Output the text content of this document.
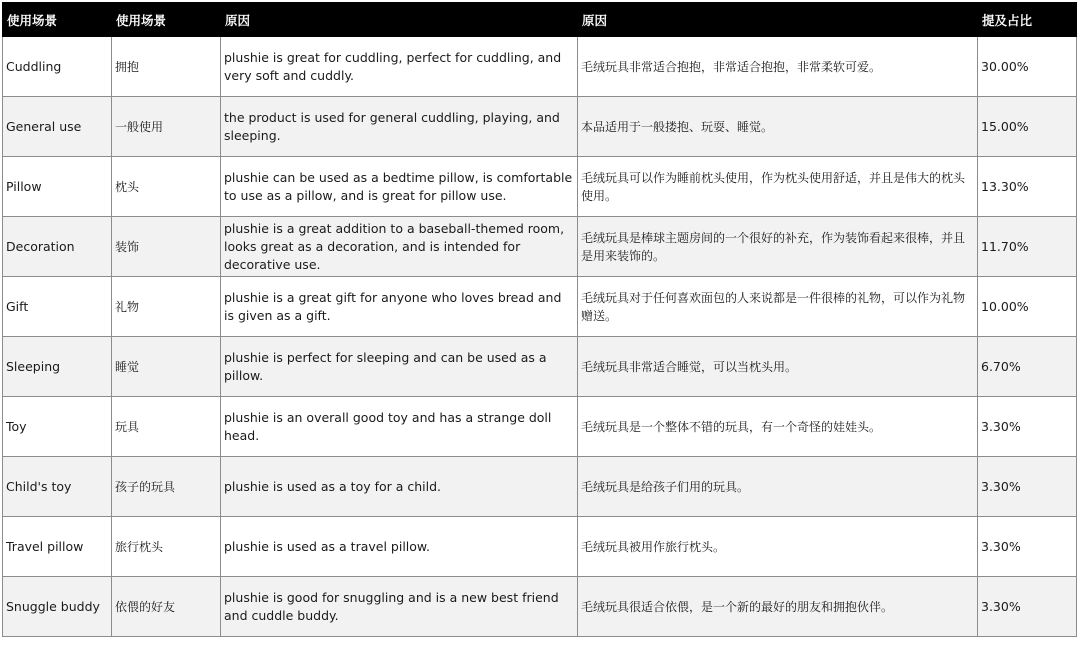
使用场景	使用场景	原因	原因	提及占比
Cuddling	拥抱	plushie is great for cuddling, perfect for cuddling, and very soft and cuddly.	毛绒玩具非常适合抱抱，非常适合抱抱，非常柔软可爱。	30.00%
General use	一般使用	the product is used for general cuddling, playing, and sleeping.	本品适用于一般搂抱、玩耍、睡觉。	15.00%
Pillow	枕头	plushie can be used as a bedtime pillow, is comfortable to use as a pillow, and is great for pillow use.	毛绒玩具可以作为睡前枕头使用，作为枕头使用舒适，并且是伟大的枕头使用。	13.30%
Decoration	装饰	plushie is a great addition to a baseball-themed room, looks great as a decoration, and is intended for decorative use.	毛绒玩具是棒球主题房间的一个很好的补充，作为装饰看起来很棒，并且是用来装饰的。	11.70%
Gift	礼物	plushie is a great gift for anyone who loves bread and is given as a gift.	毛绒玩具对于任何喜欢面包的人来说都是一件很棒的礼物，可以作为礼物赠送。	10.00%
Sleeping	睡觉	plushie is perfect for sleeping and can be used as a pillow.	毛绒玩具非常适合睡觉，可以当枕头用。	6.70%
Toy	玩具	plushie is an overall good toy and has a strange doll head.	毛绒玩具是一个整体不错的玩具，有一个奇怪的娃娃头。	3.30%
Child's toy	孩子的玩具	plushie is used as a toy for a child.	毛绒玩具是给孩子们用的玩具。	3.30%
Travel pillow	旅行枕头	plushie is used as a travel pillow.	毛绒玩具被用作旅行枕头。	3.30%
Snuggle buddy	依偎的好友	plushie is good for snuggling and is a new best friend and cuddle buddy.	毛绒玩具很适合依偎，是一个新的最好的朋友和拥抱伙伴。	3.30%
